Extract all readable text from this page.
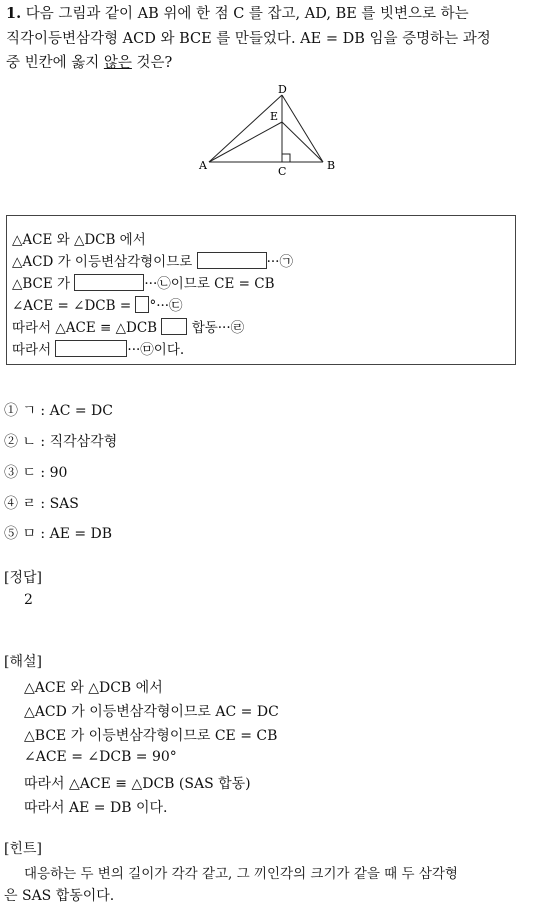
1. 다음 그림과 같이 AB 위에 한 점 C 를 잡고, AD, BE 를 빗변으로 하는
직각이등변삼각형 ACD 와 BCE 를 만들었다. AE = DB 임을 증명하는 과정
중 빈칸에 옳지 않은 것은?
D
E
A	C	B
△ACE 와 △DCB 에서
△ACD 가 이등변삼각형이므로	···㉠
△BCE 가	···㉡이므로 CE = CB
∠ACE = ∠DCB = °···㉢
따라서 △ACE ≡ △DCB	합동···㉣
따라서	···㉤이다.
① ㄱ : AC = DC
② ㄴ : 직각삼각형
③ ㄷ : 90
④ ㄹ : SAS
⑤ ㅁ : AE = DB
[정답]
2
[해설]
△ACE 와 △DCB 에서
△ACD 가 이등변삼각형이므로 AC = DC
△BCE 가 이등변삼각형이므로 CE = CB
∠ACE = ∠DCB = 90°
따라서 △ACE ≡ △DCB (SAS 합동)
따라서 AE = DB 이다.
[힌트]
대응하는 두 변의 길이가 각각 같고, 그 끼인각의 크기가 같을 때 두 삼각형
은 SAS 합동이다.
